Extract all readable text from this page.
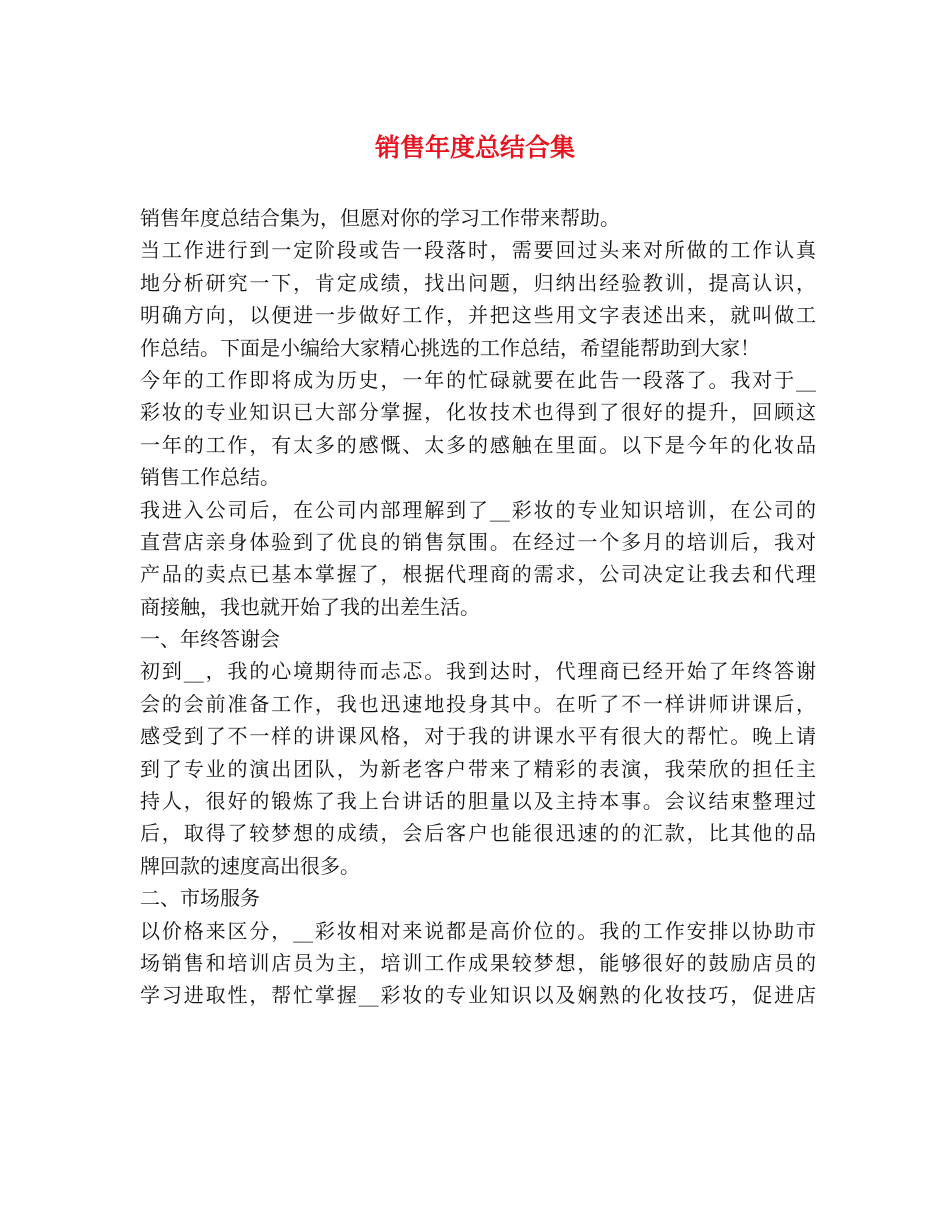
销售年度总结合集
销售年度总结合集为，但愿对你的学习工作带来帮助。
当工作进行到一定阶段或告一段落时，需要回过头来对所做的工作认真
地分析研究一下，肯定成绩，找出问题，归纳出经验教训，提高认识，
明确方向，以便进一步做好工作，并把这些用文字表述出来，就叫做工
作总结。下面是小编给大家精心挑选的工作总结，希望能帮助到大家！
今年的工作即将成为历史，一年的忙碌就要在此告一段落了。我对于__
彩妆的专业知识已大部分掌握，化妆技术也得到了很好的提升，回顾这
一年的工作，有太多的感慨、太多的感触在里面。以下是今年的化妆品
销售工作总结。
我进入公司后，在公司内部理解到了__彩妆的专业知识培训，在公司的
直营店亲身体验到了优良的销售氛围。在经过一个多月的培训后，我对
产品的卖点已基本掌握了，根据代理商的需求，公司决定让我去和代理
商接触，我也就开始了我的出差生活。
一、年终答谢会
初到__，我的心境期待而忐忑。我到达时，代理商已经开始了年终答谢
会的会前准备工作，我也迅速地投身其中。在听了不一样讲师讲课后，
感受到了不一样的讲课风格，对于我的讲课水平有很大的帮忙。晚上请
到了专业的演出团队，为新老客户带来了精彩的表演，我荣欣的担任主
持人，很好的锻炼了我上台讲话的胆量以及主持本事。会议结束整理过
后，取得了较梦想的成绩，会后客户也能很迅速的的汇款，比其他的品
牌回款的速度高出很多。
二、市场服务
以价格来区分，__彩妆相对来说都是高价位的。我的工作安排以协助市
场销售和培训店员为主，培训工作成果较梦想，能够很好的鼓励店员的
学习进取性，帮忙掌握__彩妆的专业知识以及娴熟的化妆技巧，促进店
